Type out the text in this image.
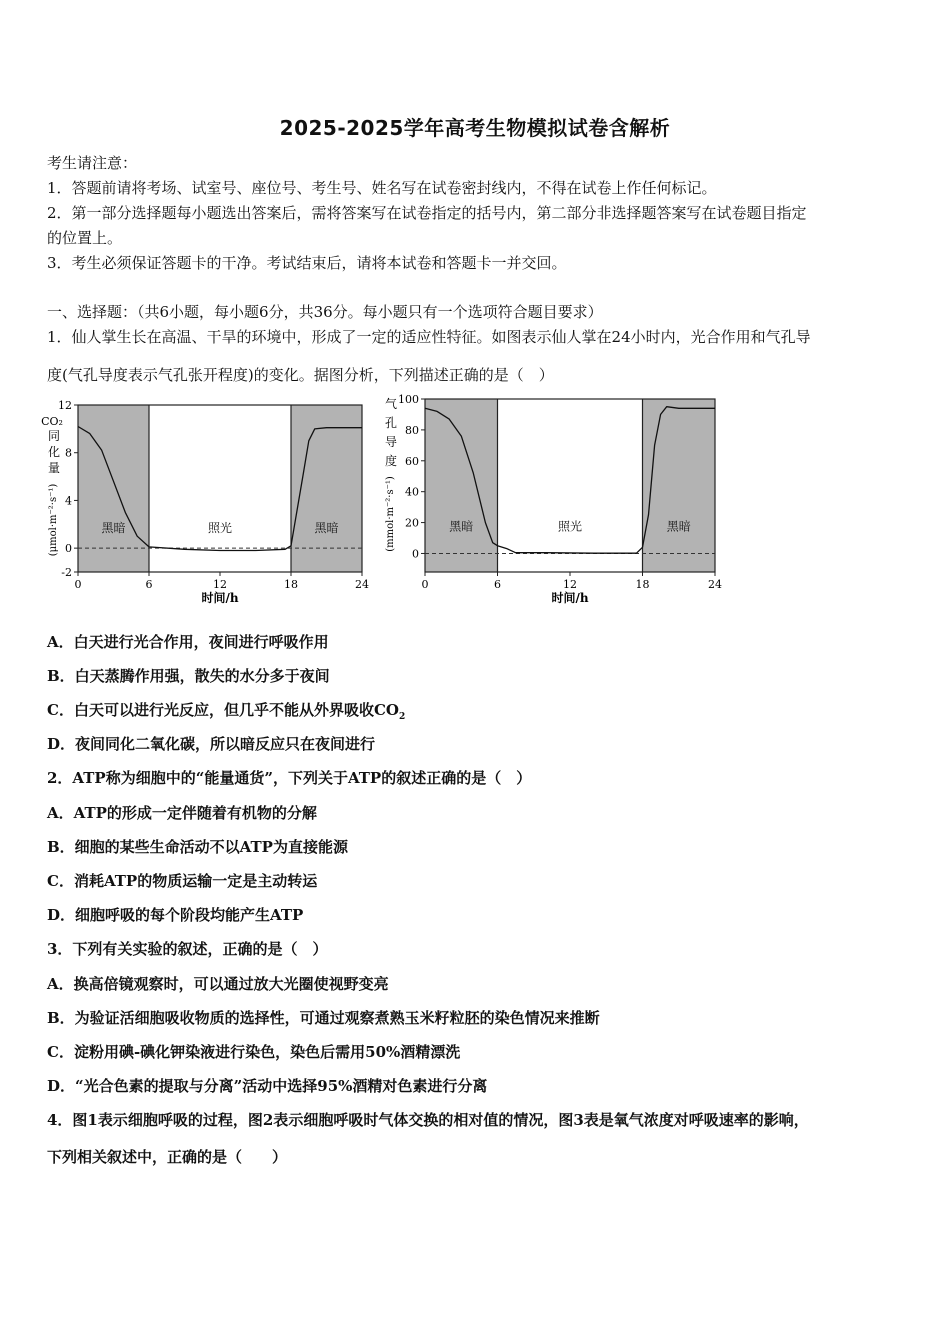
2025-2025学年高考生物模拟试卷含解析
考生请注意：
1．答题前请将考场、试室号、座位号、考生号、姓名写在试卷密封线内，不得在试卷上作任何标记。
2．第一部分选择题每小题选出答案后，需将答案写在试卷指定的括号内，第二部分非选择题答案写在试卷题目指定
的位置上。
3．考生必须保证答题卡的干净。考试结束后，请将本试卷和答题卡一并交回。
一、选择题：（共6小题，每小题6分，共36分。每小题只有一个选项符合题目要求）
1．仙人掌生长在高温、干旱的环境中，形成了一定的适应性特征。如图表示仙人掌在24小时内，光合作用和气孔导
度(气孔导度表示气孔张开程度)的变化。据图分析，下列描述正确的是（　）
黑暗	照光	黑暗
0	6	12	18	24
-2
0
4
8
12
时间/h
CO₂
同
化
量
(μmol·m⁻²·s⁻¹)	黑暗	照光	黑暗
0	6	12	18	24
0
20
40
60
80
100
时间/h
气
孔
导
度
(mmol·m⁻²·s⁻¹)
A．白天进行光合作用，夜间进行呼吸作用
B．白天蒸腾作用强，散失的水分多于夜间
C．白天可以进行光反应，但几乎不能从外界吸收$CO_2$
D．夜间同化二氧化碳，所以暗反应只在夜间进行
2．ATP称为细胞中的“能量通货”，下列关于ATP的叙述正确的是（　）
A．ATP的形成一定伴随着有机物的分解
B．细胞的某些生命活动不以ATP为直接能源
C．消耗ATP的物质运输一定是主动转运
D．细胞呼吸的每个阶段均能产生ATP
3．下列有关实验的叙述，正确的是（　）
A．换高倍镜观察时，可以通过放大光圈使视野变亮
B．为验证活细胞吸收物质的选择性，可通过观察煮熟玉米籽粒胚的染色情况来推断
C．淀粉用碘-碘化钾染液进行染色，染色后需用50%酒精漂洗
D．“光合色素的提取与分离”活动中选择95%酒精对色素进行分离
4．图1表示细胞呼吸的过程，图2表示细胞呼吸时气体交换的相对值的情况，图3表是氧气浓度对呼吸速率的影响，
下列相关叙述中，正确的是（　　）
